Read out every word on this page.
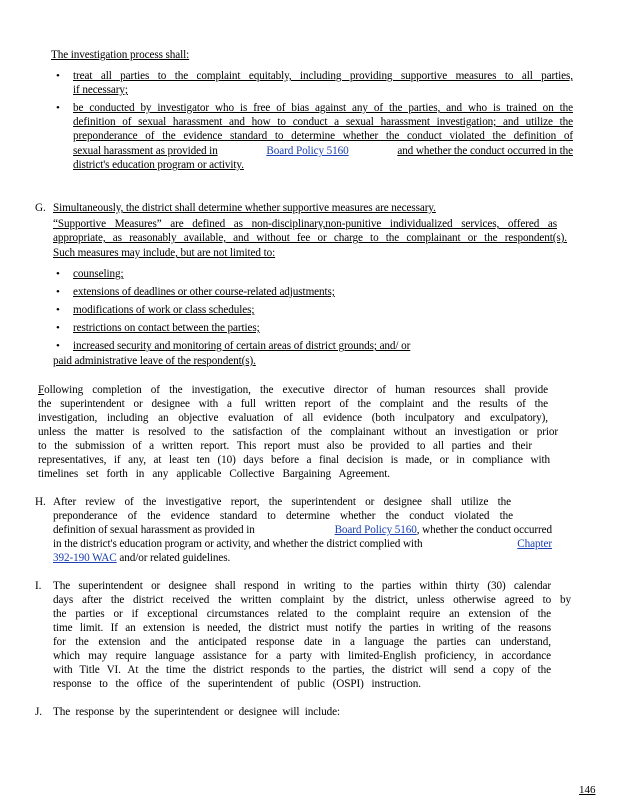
The investigation process shall:
• treat all parties to the complaint equitably, including providing supportive measures to all parties,
if necessary;
• be conducted by investigator who is free of bias against any of the parties, and who is trained on the
definition of sexual harassment and how to conduct a sexual harassment investigation; and utilize the
preponderance of the evidence standard to determine whether the conduct violated the definition of
sexual harassment as provided in	Board Policy 5160	and whether the conduct occurred in the
district's education program or activity.
G. Simultaneously, the district shall determine whether supportive measures are necessary.
“Supportive Measures” are defined as non-disciplinary,non-punitive individualized services, offered as
appropriate, as reasonably available, and without fee or charge to the complainant or the respondent(s).
Such measures may include, but are not limited to:
• counseling;
• extensions of deadlines or other course-related adjustments;
• modifications of work or class schedules;
• restrictions on contact between the parties;
• increased security and monitoring of certain areas of district grounds; and/ or
paid administrative leave of the respondent(s).
Following completion of the investigation, the executive director of human resources shall provide
the superintendent or designee with a full written report of the complaint and the results of the
investigation, including an objective evaluation of all evidence (both inculpatory and exculpatory),
unless the matter is resolved to the satisfaction of the complainant without an investigation or prior
to the submission of a written report. This report must also be provided to all parties and their
representatives, if any, at least ten (10) days before a final decision is made, or in compliance with
timelines set forth in any applicable Collective Bargaining Agreement.
H. After review of the investigative report, the superintendent or designee shall utilize the
preponderance of the evidence standard to determine whether the conduct violated the
definition of sexual harassment as provided in	Board Policy 5160, whether the conduct occurred
in the district's education program or activity, and whether the district complied with	Chapter
392-190 WAC and/or related guidelines.
I. The superintendent or designee shall respond in writing to the parties within thirty (30) calendar
days after the district received the written complaint by the district, unless otherwise agreed to by
the parties or if exceptional circumstances related to the complaint require an extension of the
time limit. If an extension is needed, the district must notify the parties in writing of the reasons
for the extension and the anticipated response date in a language the parties can understand,
which may require language assistance for a party with limited-English proficiency, in accordance
with Title VI. At the time the district responds to the parties, the district will send a copy of the
response to the office of the superintendent of public (OSPI) instruction.
J. The response by the superintendent or designee will include:
146
